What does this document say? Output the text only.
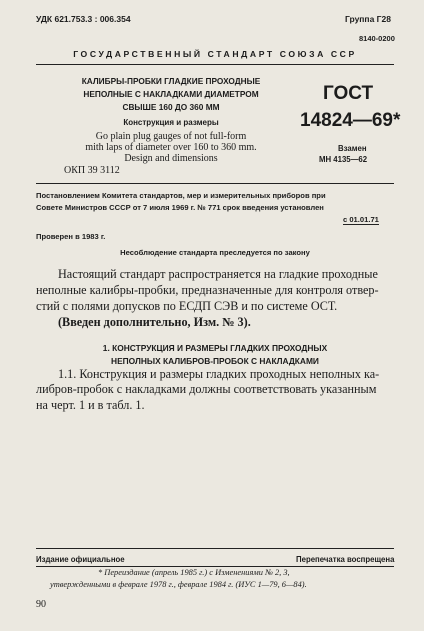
УДК 621.753.3 : 006.354	Группа Г28
8140-0200
ГОСУДАРСТВЕННЫЙ СТАНДАРТ СОЮЗА ССР
КАЛИБРЫ-ПРОБКИ ГЛАДКИЕ ПРОХОДНЫЕ
НЕПОЛНЫЕ С НАКЛАДКАМИ ДИАМЕТРОМ
СВЫШЕ 160 ДО 360 ММ
Конструкция и размеры
Go plain plug gauges of not full-form
mith laps of diameter over 160 to 360 mm.
Design and dimensions
ОКП 39 3112
ГОСТ
14824—69*
Взамен
МН 4135—62
Постановлением Комитета стандартов, мер и измерительных приборов при
Совете Министров СССР от 7 июля 1969 г. № 771 срок введения установлен
с 01.01.71
Проверен в 1983 г.
Несоблюдение стандарта преследуется по закону
Настоящий стандарт распространяется на гладкие проходные
неполные калибры-пробки, предназначенные для контроля отвер-
стий с полями допусков по ЕСДП СЭВ и по системе ОСТ.
(Введен дополнительно, Изм. № 3).
1. КОНСТРУКЦИЯ И РАЗМЕРЫ ГЛАДКИХ ПРОХОДНЫХ
НЕПОЛНЫХ КАЛИБРОВ-ПРОБОК С НАКЛАДКАМИ
1.1. Конструкция и размеры гладких проходных неполных ка-
либров-пробок с накладками должны соответствовать указанным
на черт. 1 и в табл. 1.
Издание официальное	Перепечатка воспрещена
* Переиздание (апрель 1985 г.) с Изменениями № 2, 3,
утвержденными в феврале 1978 г., феврале 1984 г. (ИУС 1—79, 6—84).
90
